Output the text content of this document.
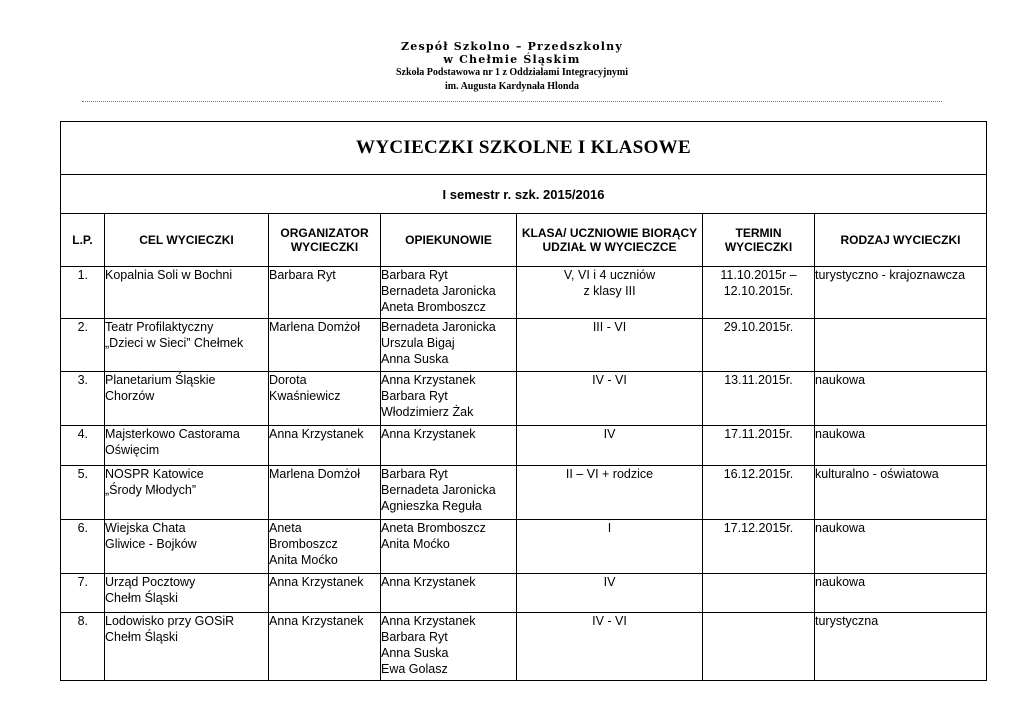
Zespół Szkolno – Przedszkolny
w Chełmie Śląskim
Szkoła Podstawowa nr 1 z Oddziałami Integracyjnymi
im. Augusta Kardynała Hlonda
WYCIECZKI SZKOLNE I KLASOWE						
I semestr r. szk. 2015/2016						
L.P.	CEL WYCIECZKI	ORGANIZATOR WYCIECZKI	OPIEKUNOWIE	KLASA/ UCZNIOWIE BIORĄCY UDZIAŁ W WYCIECZCE	TERMIN WYCIECZKI	RODZAJ WYCIECZKI
1.	Kopalnia Soli w Bochni	Barbara Ryt	Barbara Ryt
Bernadeta Jaronicka
Aneta Bromboszcz	V, VI i 4 uczniów
z klasy III	11.10.2015r –
12.10.2015r.	turystyczno - krajoznawcza
2.	Teatr Profilaktyczny
„Dzieci w Sieci” Chełmek	Marlena Domżoł	Bernadeta Jaronicka
Urszula Bigaj
Anna Suska	III - VI	29.10.2015r.	
3.	Planetarium Śląskie
Chorzów	Dorota
Kwaśniewicz	Anna Krzystanek
Barbara Ryt
Włodzimierz Żak	IV - VI	13.11.2015r.	naukowa
4.	Majsterkowo Castorama
Oświęcim	Anna Krzystanek	Anna Krzystanek	IV	17.11.2015r.	naukowa
5.	NOSPR Katowice
„Środy Młodych”	Marlena Domżoł	Barbara Ryt
Bernadeta Jaronicka
Agnieszka Reguła	II – VI + rodzice	16.12.2015r.	kulturalno - oświatowa
6.	Wiejska Chata
Gliwice - Bojków	Aneta
Bromboszcz
Anita Moćko	Aneta Bromboszcz
Anita Moćko	I	17.12.2015r.	naukowa
7.	Urząd Pocztowy
Chełm Śląski	Anna Krzystanek	Anna Krzystanek	IV		naukowa
8.	Lodowisko przy GOSiR
Chełm Śląski	Anna Krzystanek	Anna Krzystanek
Barbara Ryt
Anna Suska
Ewa Golasz	IV - VI		turystyczna
